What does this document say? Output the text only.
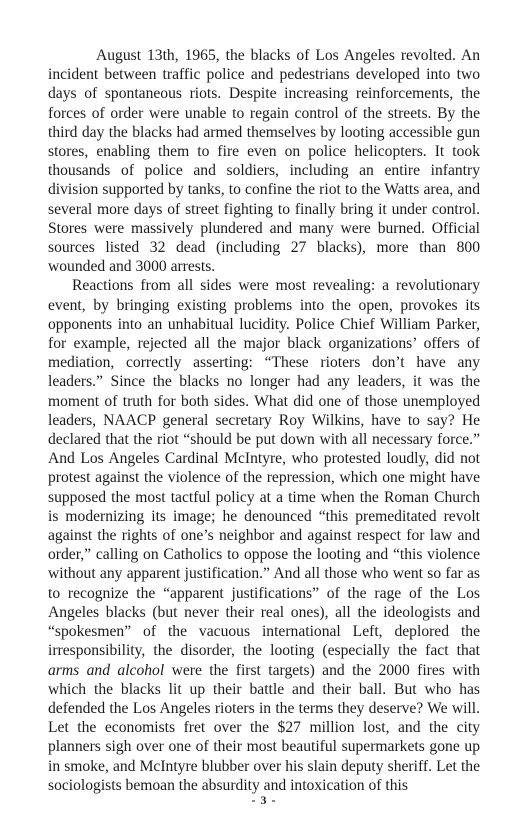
August 13th, 1965, the blacks of Los Angeles revolted. An incident between traffic police and pedestrians developed into two days of spontaneous riots. Despite increasing reinforcements, the forces of order were unable to regain control of the streets. By the third day the blacks had armed themselves by looting accessible gun stores, enabling them to fire even on police helicopters. It took thousands of police and soldiers, including an entire infantry division supported by tanks, to confine the riot to the Watts area, and several more days of street fighting to finally bring it under control. Stores were massively plundered and many were burned. Official sources listed 32 dead (including 27 blacks), more than 800 wounded and 3000 arrests.

Reactions from all sides were most revealing: a revolutionary event, by bringing existing problems into the open, provokes its opponents into an unhabitual lucidity. Police Chief William Parker, for example, rejected all the major black organizations’ offers of mediation, correctly asserting: “These rioters don’t have any leaders.” Since the blacks no longer had any leaders, it was the moment of truth for both sides. What did one of those unemployed leaders, NAACP general secretary Roy Wilkins, have to say? He declared that the riot “should be put down with all necessary force.” And Los Angeles Cardinal McIntyre, who protested loudly, did not protest against the violence of the repression, which one might have supposed the most tactful policy at a time when the Roman Church is modernizing its image; he denounced “this premeditated revolt against the rights of one’s neighbor and against respect for law and order,” calling on Catholics to oppose the looting and “this violence without any apparent justification.” And all those who went so far as to recognize the “apparent justifications” of the rage of the Los Angeles blacks (but never their real ones), all the ideologists and “spokesmen” of the vacuous international Left, deplored the irresponsibility, the disorder, the looting (especially the fact that arms and alcohol were the first targets) and the 2000 fires with which the blacks lit up their battle and their ball. But who has defended the Los Angeles rioters in the terms they deserve? We will. Let the economists fret over the $27 million lost, and the city planners sigh over one of their most beautiful supermarkets gone up in smoke, and McIntyre blubber over his slain deputy sheriff. Let the sociologists bemoan the absurdity and intoxication of this

- 3 -
